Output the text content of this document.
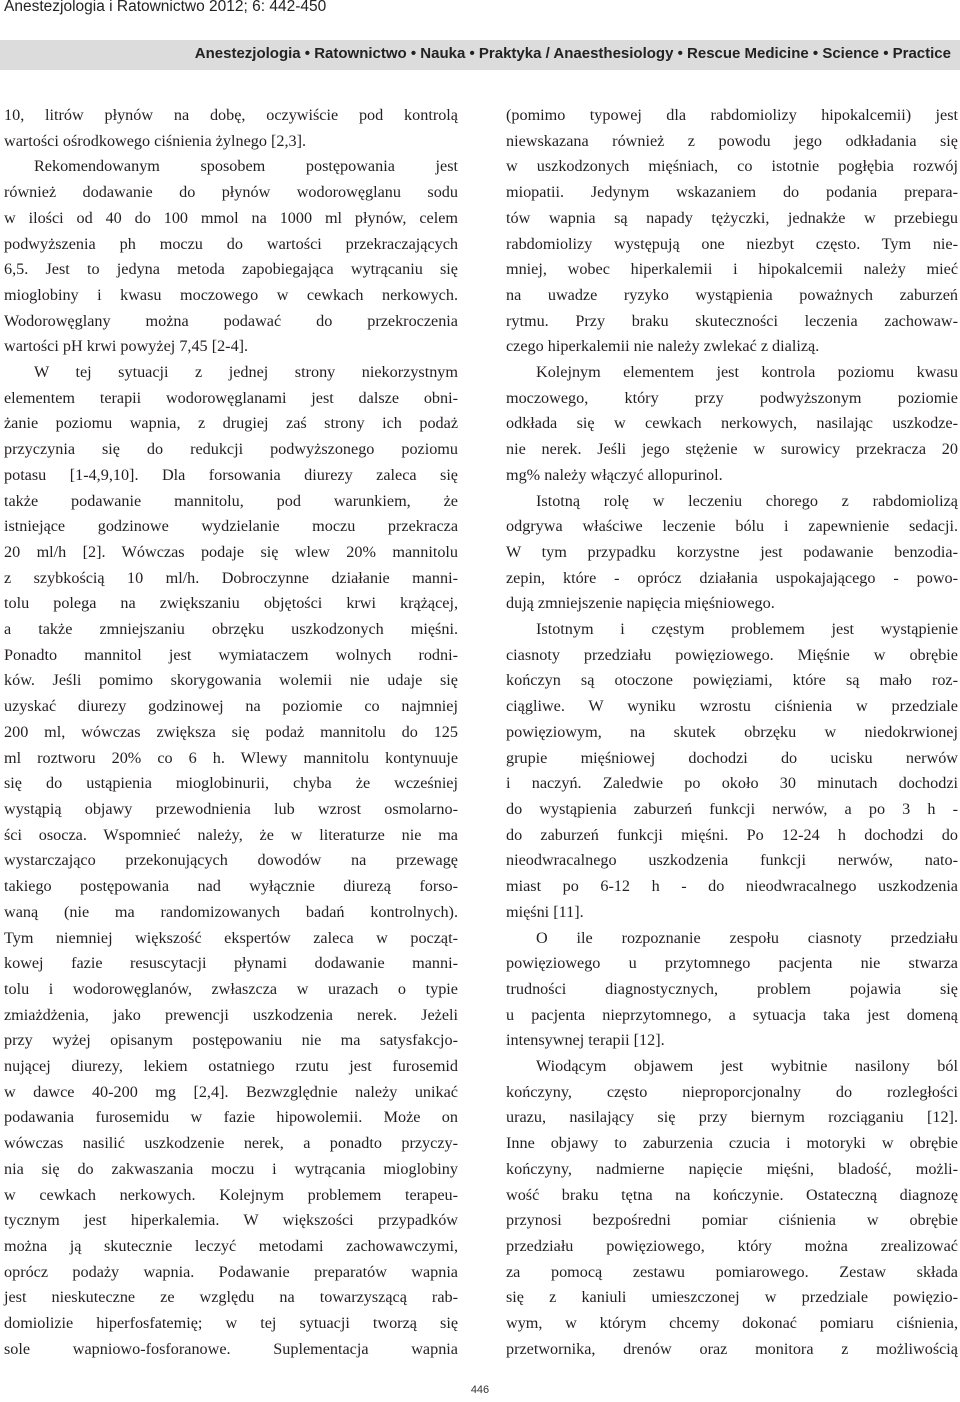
Anestezjologia i Ratownictwo 2012; 6: 442-450
Anestezjologia • Ratownictwo • Nauka • Praktyka / Anaesthesiology • Rescue Medicine • Science • Practice
10, litrów płynów na dobę, oczywiście pod kontrolą
wartości ośrodkowego ciśnienia żylnego [2,3].
Rekomendowanym sposobem postępowania jest
również dodawanie do płynów wodorowęglanu sodu
w ilości od 40 do 100 mmol na 1000 ml płynów, celem
podwyższenia ph moczu do wartości przekraczających
6,5. Jest to jedyna metoda zapobiegająca wytrącaniu się
mioglobiny i kwasu moczowego w cewkach nerkowych.
Wodorowęglany można podawać do przekroczenia
wartości pH krwi powyżej 7,45 [2-4].
W tej sytuacji z jednej strony niekorzystnym
elementem terapii wodorowęglanami jest dalsze obni-
żanie poziomu wapnia, z drugiej zaś strony ich podaż
przyczynia się do redukcji podwyższonego poziomu
potasu [1-4,9,10]. Dla forsowania diurezy zaleca się
także podawanie mannitolu, pod warunkiem, że
istniejące godzinowe wydzielanie moczu przekracza
20 ml/h [2]. Wówczas podaje się wlew 20% mannitolu
z szybkością 10 ml/h. Dobroczynne działanie manni-
tolu polega na zwiększaniu objętości krwi krążącej,
a także zmniejszaniu obrzęku uszkodzonych mięśni.
Ponadto mannitol jest wymiataczem wolnych rodni-
ków. Jeśli pomimo skorygowania wolemii nie udaje się
uzyskać diurezy godzinowej na poziomie co najmniej
200 ml, wówczas zwiększa się podaż mannitolu do 125
ml roztworu 20% co 6 h. Wlewy mannitolu kontynuuje
się do ustąpienia mioglobinurii, chyba że wcześniej
wystąpią objawy przewodnienia lub wzrost osmolarno-
ści osocza. Wspomnieć należy, że w literaturze nie ma
wystarczająco przekonujących dowodów na przewagę
takiego postępowania nad wyłącznie diurezą forso-
waną (nie ma randomizowanych badań kontrolnych).
Tym niemniej większość ekspertów zaleca w począt-
kowej fazie resuscytacji płynami dodawanie manni-
tolu i wodorowęglanów, zwłaszcza w urazach o typie
zmiażdżenia, jako prewencji uszkodzenia nerek. Jeżeli
przy wyżej opisanym postępowaniu nie ma satysfakcjo-
nującej diurezy, lekiem ostatniego rzutu jest furosemid
w dawce 40-200 mg [2,4]. Bezwzględnie należy unikać
podawania furosemidu w fazie hipowolemii. Może on
wówczas nasilić uszkodzenie nerek, a ponadto przyczy-
nia się do zakwaszania moczu i wytrącania mioglobiny
w cewkach nerkowych. Kolejnym problemem terapeu-
tycznym jest hiperkalemia. W większości przypadków
można ją skutecznie leczyć metodami zachowawczymi,
oprócz podaży wapnia. Podawanie preparatów wapnia
jest nieskuteczne ze względu na towarzyszącą rab-
domiolizie hiperfosfatemię; w tej sytuacji tworzą się
sole wapniowo-fosforanowe. Suplementacja wapnia
(pomimo typowej dla rabdomiolizy hipokalcemii) jest
niewskazana również z powodu jego odkładania się
w uszkodzonych mięśniach, co istotnie pogłębia rozwój
miopatii. Jedynym wskazaniem do podania prepara-
tów wapnia są napady tężyczki, jednakże w przebiegu
rabdomiolizy występują one niezbyt często. Tym nie-
mniej, wobec hiperkalemii i hipokalcemii należy mieć
na uwadze ryzyko wystąpienia poważnych zaburzeń
rytmu. Przy braku skuteczności leczenia zachowaw-
czego hiperkalemii nie należy zwlekać z dializą.
Kolejnym elementem jest kontrola poziomu kwasu
moczowego, który przy podwyższonym poziomie
odkłada się w cewkach nerkowych, nasilając uszkodze-
nie nerek. Jeśli jego stężenie w surowicy przekracza 20
mg% należy włączyć allopurinol.
Istotną rolę w leczeniu chorego z rabdomiolizą
odgrywa właściwe leczenie bólu i zapewnienie sedacji.
W tym przypadku korzystne jest podawanie benzodia-
zepin, które - oprócz działania uspokajającego - powo-
dują zmniejszenie napięcia mięśniowego.
Istotnym i częstym problemem jest wystąpienie
ciasnoty przedziału powięziowego. Mięśnie w obrębie
kończyn są otoczone powięziami, które są mało roz-
ciągliwe. W wyniku wzrostu ciśnienia w przedziale
powięziowym, na skutek obrzęku w niedokrwionej
grupie mięśniowej dochodzi do ucisku nerwów
i naczyń. Zaledwie po około 30 minutach dochodzi
do wystąpienia zaburzeń funkcji nerwów, a po 3 h -
do zaburzeń funkcji mięśni. Po 12-24 h dochodzi do
nieodwracalnego uszkodzenia funkcji nerwów, nato-
miast po 6-12 h - do nieodwracalnego uszkodzenia
mięśni [11].
O ile rozpoznanie zespołu ciasnoty przedziału
powięziowego u przytomnego pacjenta nie stwarza
trudności diagnostycznych, problem pojawia się
u pacjenta nieprzytomnego, a sytuacja taka jest domeną
intensywnej terapii [12].
Wiodącym objawem jest wybitnie nasilony ból
kończyny, często nieproporcjonalny do rozległości
urazu, nasilający się przy biernym rozciąganiu [12].
Inne objawy to zaburzenia czucia i motoryki w obrębie
kończyny, nadmierne napięcie mięśni, bladość, możli-
wość braku tętna na kończynie. Ostateczną diagnozę
przynosi bezpośredni pomiar ciśnienia w obrębie
przedziału powięziowego, który można zrealizować
za pomocą zestawu pomiarowego. Zestaw składa
się z kaniuli umieszczonej w przedziale powięzio-
wym, w którym chcemy dokonać pomiaru ciśnienia,
przetwornika, drenów oraz monitora z możliwością
446
